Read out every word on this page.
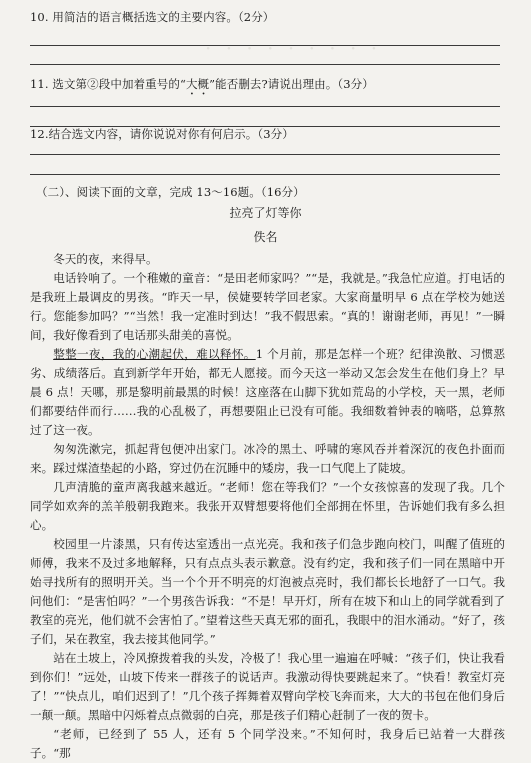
· · · · · · · · ·
10. 用简洁的语言概括选文的主要内容。（2分）
11. 选文第②段中加着重号的“大概”能否删去?请说出理由。（3分）
12.结合选文内容，请你说说对你有何启示。（3分）
（二）、阅读下面的文章，完成 13～16题。（16分）
拉亮了灯等你
佚名

冬天的夜，来得早。

电话铃响了。一个稚嫩的童音：“是田老师家吗？”“是，我就是。”我急忙应道。打电话的是我班上最调皮的男孩。“昨天一早，侯婕要转学回老家。大家商量明早 6 点在学校为她送行。您能参加吗？”“当然！我一定准时到达！”我不假思索。“真的！谢谢老师，再见！”一瞬间，我好像看到了电话那头甜美的喜悦。

整整一夜，我的心潮起伏，难以释怀。1 个月前，那是怎样一个班？纪律涣散、习惯恶劣、成绩落后。直到新学年开始，都无人愿接。而今天这一举动又怎会发生在他们身上？早晨 6 点！天哪，那是黎明前最黑的时候！这座落在山脚下犹如荒岛的小学校，天一黑，老师们都要结伴而行……我的心乱极了，再想要阻止已没有可能。我细数着钟表的嘀嗒，总算熬过了这一夜。

匆匆洗漱完，抓起背包便冲出家门。冰冷的黑土、呼啸的寒风吞并着深沉的夜色扑面而来。踩过煤渣垫起的小路，穿过仍在沉睡中的矮房，我一口气爬上了陡坡。

几声清脆的童声离我越来越近。“老师！您在等我们？”一个女孩惊喜的发现了我。几个同学如欢奔的羔羊般朝我跑来。我张开双臂想要将他们全部拥在怀里，告诉她们我有多么担心。

校园里一片漆黑，只有传达室透出一点光亮。我和孩子们急步跑向校门，叫醒了值班的师傅，我来不及过多地解释，只有点点头表示歉意。没有约定，我和孩子们一同在黑暗中开始寻找所有的照明开关。当一个个开不明亮的灯泡被点亮时，我们都长长地舒了一口气。我问他们：“是害怕吗？”一个男孩告诉我：“不是！早开灯，所有在坡下和山上的同学就看到了教室的亮光，他们就不会害怕了。”望着这些天真无邪的面孔，我眼中的泪水涌动。“好了，孩子们，呆在教室，我去接其他同学。”

站在土坡上，冷风撩拨着我的头发，冷极了！我心里一遍遍在呼喊：“孩子们，快让我看到你们！”远处，山坡下传来一群孩子的说话声。我激动得快要跳起来了。“快看！教室灯亮了！”“快点儿，咱们迟到了！”几个孩子挥舞着双臂向学校飞奔而来，大大的书包在他们身后一颠一颠。黑暗中闪烁着点点微弱的白亮，那是孩子们精心赶制了一夜的贺卡。

“老师，已经到了 55 人，还有 5 个同学没来。”不知何时，我身后已站着一大群孩子。“那
